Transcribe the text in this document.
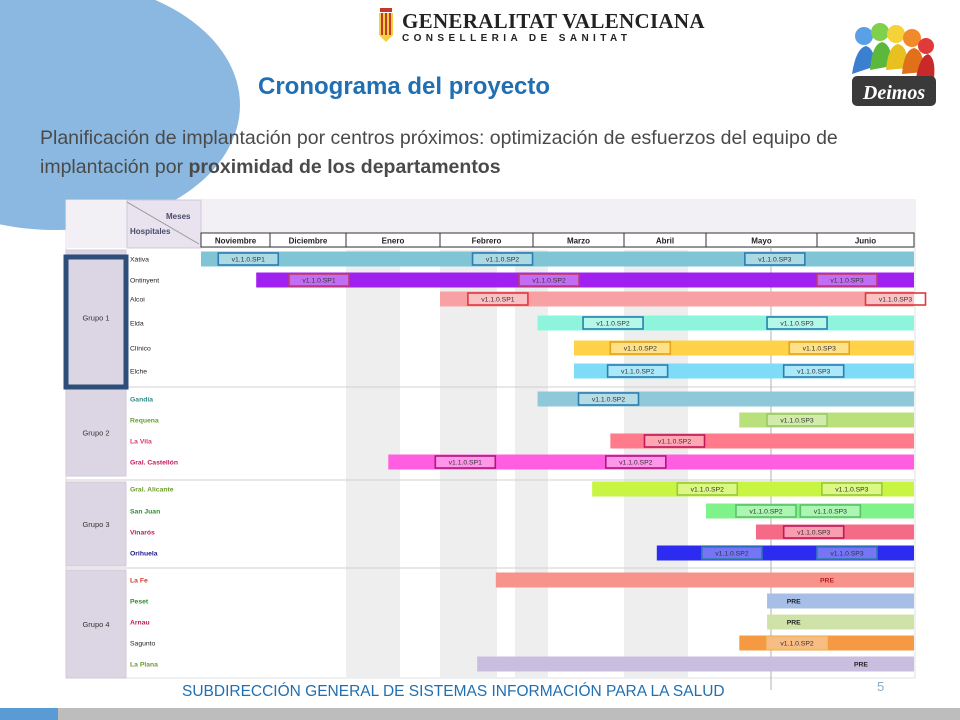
GENERALITAT VALENCIANA
CONSELLERIA DE SANITAT
Deimos
Cronograma del proyecto
Planificación de implantación por centros próximos: optimización de esfuerzos del equipo de implantación por proximidad de los departamentos
Grupo 1
Grupo 2
Grupo 3
Grupo 4
Meses
Hospitales
Noviembre	Diciembre	Enero	Febrero	Marzo	Abril	Mayo	Junio
Xàtiva	v1.1.0.SP1	v1.1.0.SP2	v1.1.0.SP3
Ontinyent	v1.1.0.SP1	v1.1.0.SP2	v1.1.0.SP3
Alcoi	v1.1.0.SP1	v1.1.0.SP3
Elda	v1.1.0.SP2	v1.1.0.SP3
Clínico	v1.1.0.SP2	v1.1.0.SP3
Elche	v1.1.0.SP2	v1.1.0.SP3
Gandía	v1.1.0.SP2
Requena	v1.1.0.SP3
La Vila	v1.1.0.SP2
Gral. Castellón	v1.1.0.SP1	v1.1.0.SP2
Gral. Alicante	v1.1.0.SP2	v1.1.0.SP3
San Juan	v1.1.0.SP2	v1.1.0.SP3
Vinarós	v1.1.0.SP3
Orihuela	v1.1.0.SP2	v1.1.0.SP3
La Fe	PRE
Peset	PRE
Arnau	PRE
Sagunto	v1.1.0.SP2
La Plana	PRE
SUBDIRECCIÓN GENERAL DE SISTEMAS INFORMACIÓN PARA LA SALUD	5
